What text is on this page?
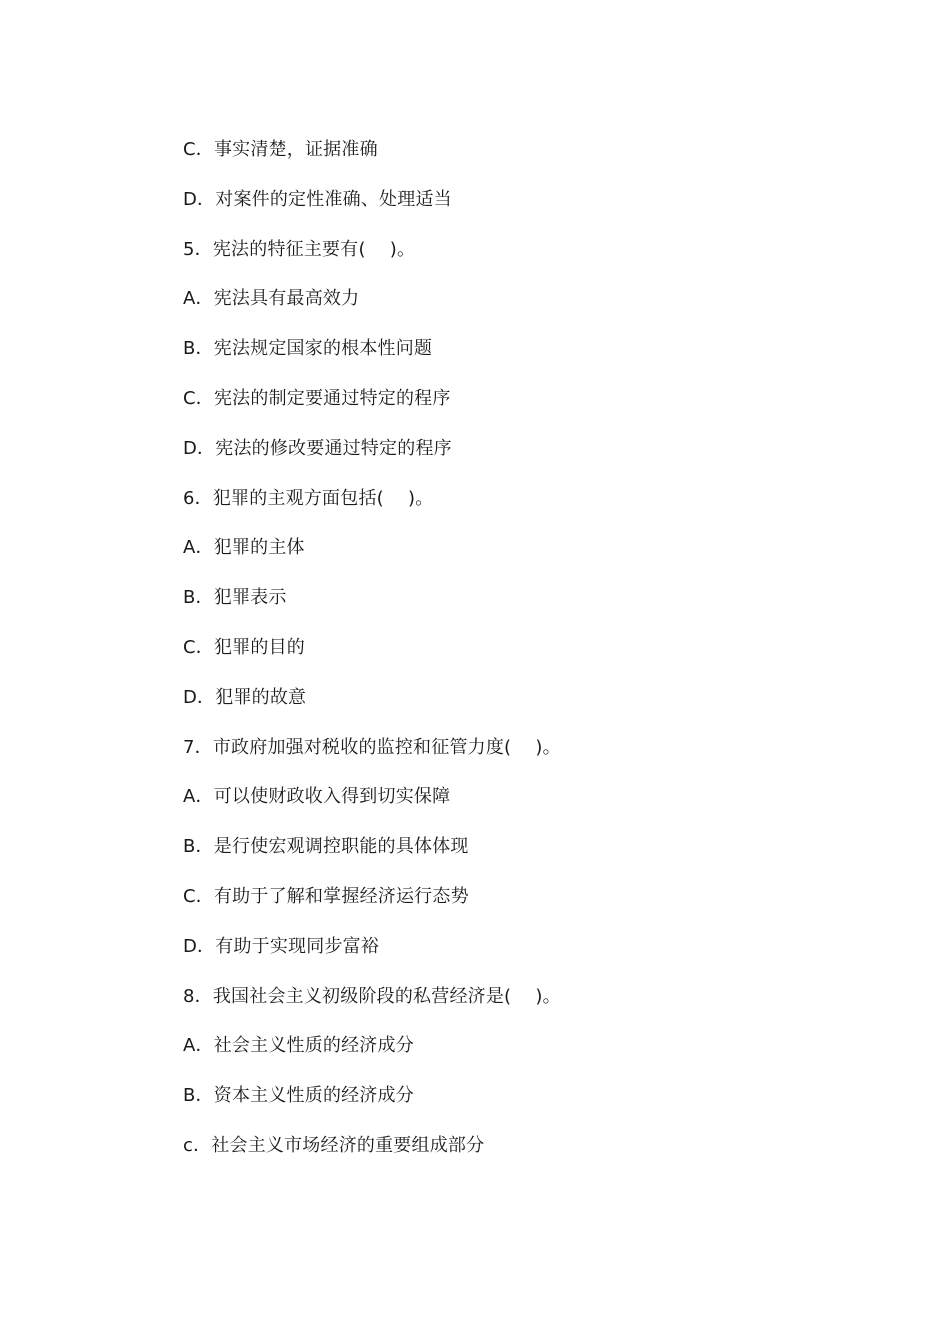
C．事实清楚，证据准确
D．对案件的定性准确、处理适当
5．宪法的特征主要有(　 )。
A．宪法具有最高效力
B．宪法规定国家的根本性问题
C．宪法的制定要通过特定的程序
D．宪法的修改要通过特定的程序
6．犯罪的主观方面包括(　 )。
A．犯罪的主体
B．犯罪表示
C．犯罪的目的
D．犯罪的故意
7．市政府加强对税收的监控和征管力度(　 )。
A．可以使财政收入得到切实保障
B．是行使宏观调控职能的具体体现
C．有助于了解和掌握经济运行态势
D．有助于实现同步富裕
8．我国社会主义初级阶段的私营经济是(　 )。
A．社会主义性质的经济成分
B．资本主义性质的经济成分
c．社会主义市场经济的重要组成部分
